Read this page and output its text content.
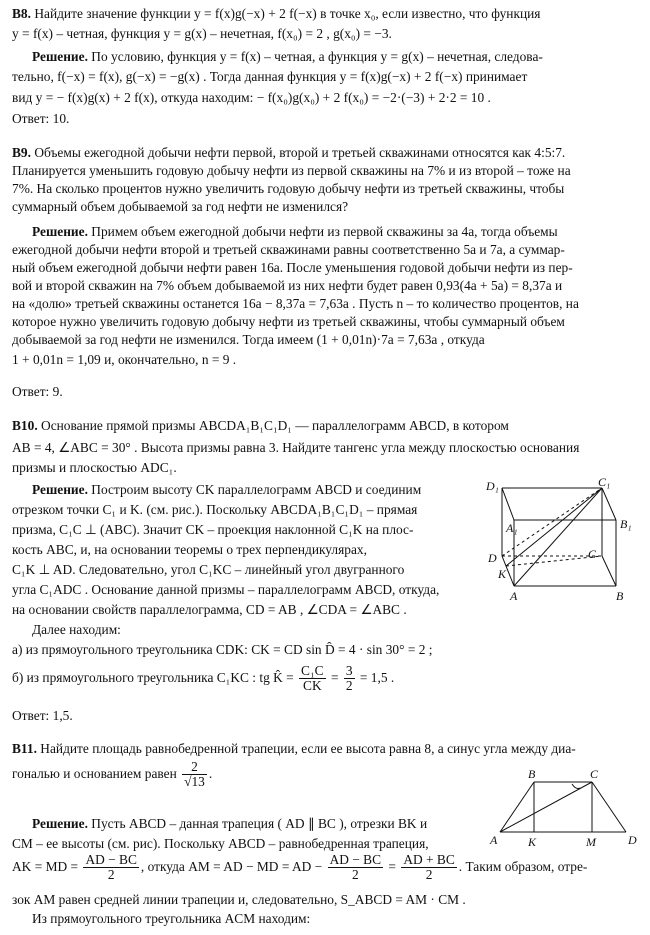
B8. Найдите значение функции y = f(x)g(−x) + 2 f(−x) в точке x₀, если известно, что функция
y = f(x) – четная, функция y = g(x) – нечетная, f(x₀) = 2 , g(x₀) = −3.
Решение. По условию, функция y = f(x) – четная, а функция y = g(x) – нечетная, следова-
тельно, f(−x) = f(x), g(−x) = −g(x) . Тогда данная функция y = f(x)g(−x) + 2 f(−x) принимает
вид y = − f(x)g(x) + 2 f(x), откуда находим: − f(x₀)g(x₀) + 2 f(x₀) = −2·(−3) + 2·2 = 10 .
Ответ: 10.
B9. Объемы ежегодной добычи нефти первой, второй и третьей скважинами относятся как 4:5:7.
Планируется уменьшить годовую добычу нефти из первой скважины на 7% и из второй – тоже на
7%. На сколько процентов нужно увеличить годовую добычу нефти из третьей скважины, чтобы
суммарный объем добываемой за год нефти не изменился?
Решение. Примем объем ежегодной добычи нефти из первой скважины за 4a, тогда объемы
ежегодной добычи нефти второй и третьей скважинами равны соответственно 5a и 7a, а суммар-
ный объем ежегодной добычи нефти равен 16a. После уменьшения годовой добычи нефти из пер-
вой и второй скважин на 7% объем добываемой из них нефти будет равен 0,93(4a + 5a) = 8,37a и
на «долю» третьей скважины останется 16a − 8,37a = 7,63a . Пусть n – то количество процентов, на
которое нужно увеличить годовую добычу нефти из третьей скважины, чтобы суммарный объем
добываемой за год нефти не изменился. Тогда имеем (1 + 0,01n)·7a = 7,63a , откуда
1 + 0,01n = 1,09 и, окончательно, n = 9 .
Ответ: 9.
B10. Основание прямой призмы ABCDA₁B₁C₁D₁ — параллелограмм ABCD, в котором
AB = 4, ∠ABC = 30° . Высота призмы равна 3. Найдите тангенс угла между плоскостью основания
призмы и плоскостью ADC₁.
Решение. Построим высоту CK параллелограмм ABCD и соединим
отрезком точки C₁ и K. (см. рис.). Поскольку ABCDA₁B₁C₁D₁ – прямая
призма, C₁C ⊥ (ABC). Значит CK – проекция наклонной C₁K на плос-
кость ABC, и, на основании теоремы о трех перпендикулярах,
C₁K ⊥ AD. Следовательно, угол C₁KC – линейный угол двугранного
угла C₁ADC . Основание данной призмы – параллелограмм ABCD, откуда,
на основании свойств параллелограмма, CD = AB , ∠CDA = ∠ABC .
Далее находим:
а) из прямоугольного треугольника CDK: CK = CD sin D̂ = 4 · sin 30° = 2 ;
б) из прямоугольного треугольника C₁KC : tg K̂ = $\frac{\text{C₁C}}{CK} = \frac{3}{2} = 1,5$ .
Ответ: 1,5.
D₁	C₁
A₁	B₁
D	C
K
A	B
B11. Найдите площадь равнобедренной трапеции, если ее высота равна 8, а синус угла между диа-
гональю и основанием равен $\frac{2}{√13}$ .
Решение. Пусть ABCD – данная трапеция ( AD ∥ BC ), отрезки BK и
CM – ее высоты (см. рис). Поскольку ABCD – равнобедренная трапеция,
AK = MD = $\frac{AD - BC}{2}$ , откуда AM = AD − MD = AD − $\frac{AD - BC}{2} = \frac{AD + BC}{2}$ . Таким образом, отре-
зок AM равен средней линии трапеции и, следовательно, S_ABCD = AM · CM .
Из прямоугольного треугольника ACM находим:
B	C
A	K	M	D
